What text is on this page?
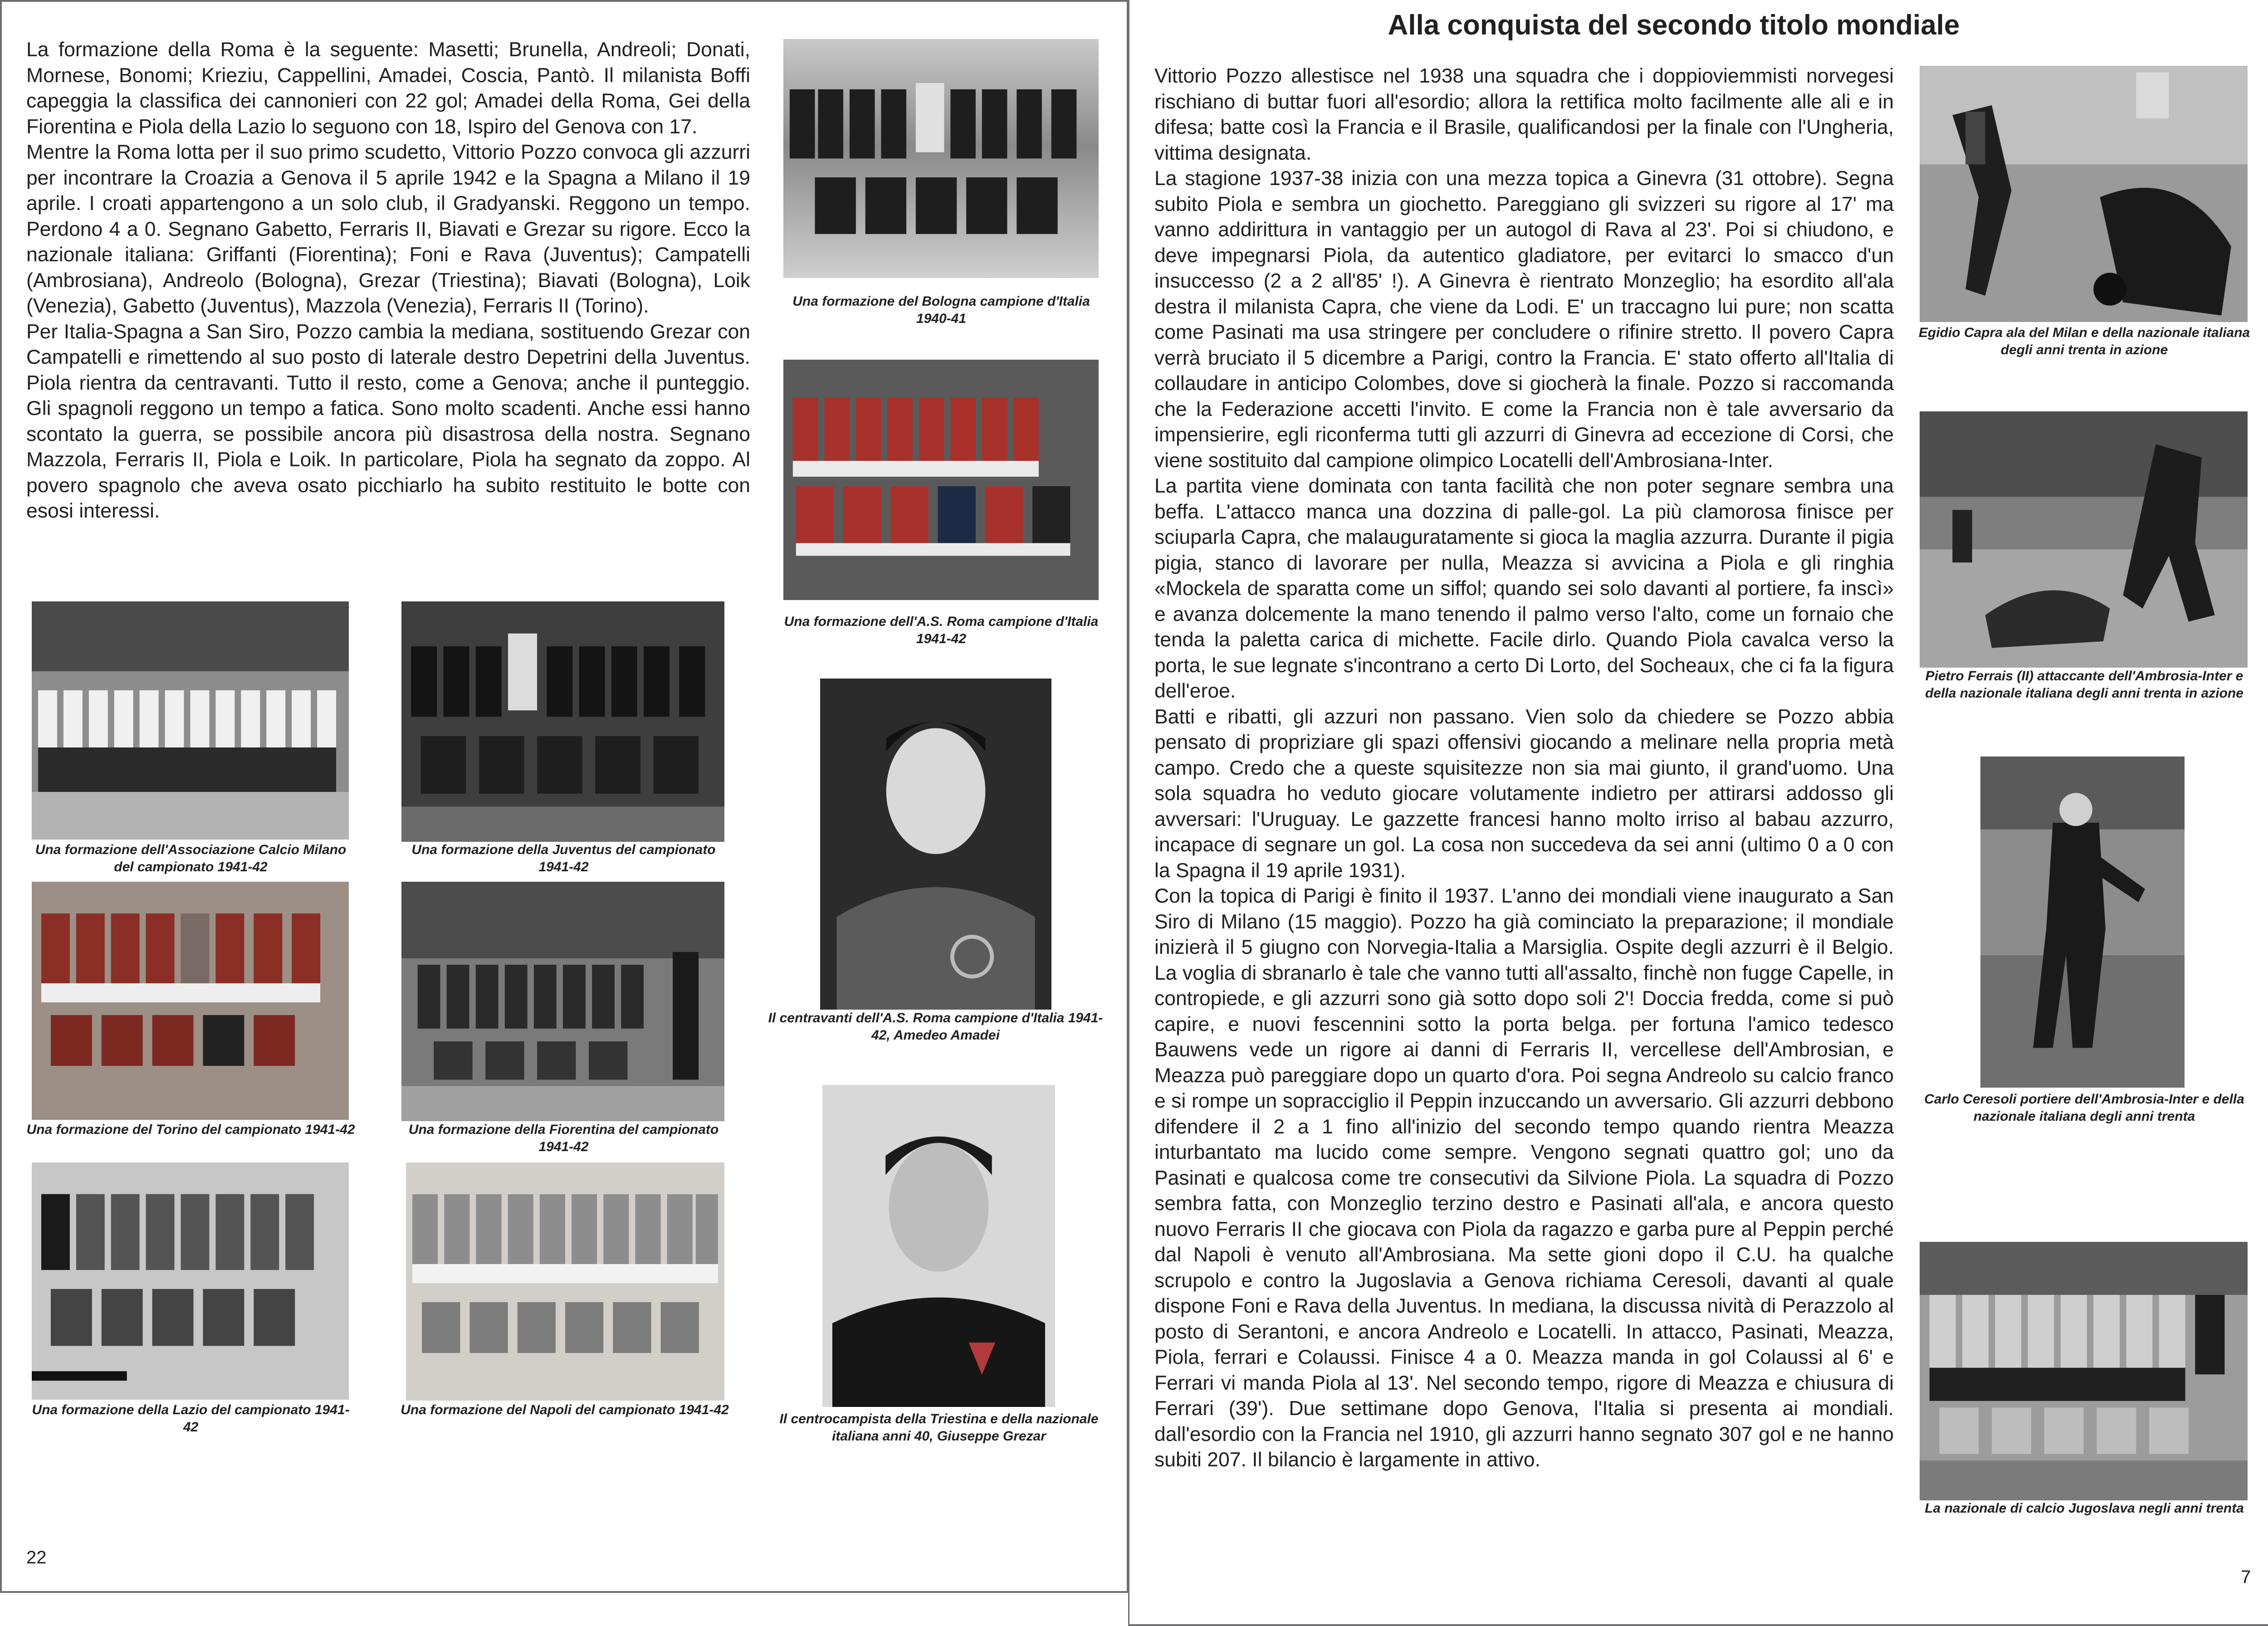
La formazione della Roma è la seguente: Masetti; Brunella, Andreoli; Donati, Mornese, Bonomi; Krieziu, Cappellini, Amadei, Coscia, Pantò. Il milanista Boffi capeggia la classifica dei cannonieri con 22 gol; Amadei della Roma, Gei della Fiorentina e Piola della Lazio lo seguono con 18, Ispiro del Genova con 17.

Mentre la Roma lotta per il suo primo scudetto, Vittorio Pozzo convoca gli azzurri per incontrare la Croazia a Genova il 5 aprile 1942 e la Spagna a Milano il 19 aprile. I croati appartengono a un solo club, il Gradyanski. Reggono un tempo. Perdono 4 a 0. Segnano Gabetto, Ferraris II, Biavati e Grezar su rigore. Ecco la nazionale italiana: Griffanti (Fiorentina); Foni e Rava (Juventus); Campatelli (Ambrosiana), Andreolo (Bologna), Grezar (Triestina); Biavati (Bologna), Loik (Venezia), Gabetto (Juventus), Mazzola (Venezia), Ferraris II (Torino).

Per Italia-Spagna a San Siro, Pozzo cambia la mediana, sostituendo Grezar con Campatelli e rimettendo al suo posto di laterale destro Depetrini della Juventus. Piola rientra da centravanti. Tutto il resto, come a Genova; anche il punteggio. Gli spagnoli reggono un tempo a fatica. Sono molto scadenti. Anche essi hanno scontato la guerra, se possibile ancora più disastrosa della nostra. Segnano Mazzola, Ferraris II, Piola e Loik. In particolare, Piola ha segnato da zoppo. Al povero spagnolo che aveva osato picchiarlo ha subito restituito le botte con esosi interessi.

Una formazione del Bologna campione d'Italia 1940-41

Una formazione dell'A.S. Roma campione d'Italia 1941-42

Il centravanti dell'A.S. Roma campione d'Italia 1941-42, Amedeo Amadei

Il centrocampista della Triestina e della nazionale italiana anni 40, Giuseppe Grezar

Una formazione dell'Associazione Calcio Milano del campionato 1941-42

Una formazione della Juventus del campionato 1941-42

Una formazione del Torino del campionato 1941-42	Una formazione della Fiorentina del campionato 1941-42

Una formazione della Lazio del campionato 1941-42

Una formazione del Napoli del campionato 1941-42

22
Alla conquista del secondo titolo mondiale

Vittorio Pozzo allestisce nel 1938 una squadra che i doppioviemmisti norvegesi rischiano di buttar fuori all'esordio; allora la rettifica molto facilmente alle ali e in difesa; batte così la Francia e il Brasile, qualificandosi per la finale con l'Ungheria, vittima designata.

La stagione 1937-38 inizia con una mezza topica a Ginevra (31 ottobre). Segna subito Piola e sembra un giochetto. Pareggiano gli svizzeri su rigore al 17' ma vanno addirittura in vantaggio per un autogol di Rava al 23'. Poi si chiudono, e deve impegnarsi Piola, da autentico gladiatore, per evitarci lo smacco d'un insuccesso (2 a 2 all'85' !). A Ginevra è rientrato Monzeglio; ha esordito all'ala destra il milanista Capra, che viene da Lodi. E' un traccagno lui pure; non scatta come Pasinati ma usa stringere per concludere o rifinire stretto. Il povero Capra verrà bruciato il 5 dicembre a Parigi, contro la Francia. E' stato offerto all'Italia di collaudare in anticipo Colombes, dove si giocherà la finale. Pozzo si raccomanda che la Federazione accetti l'invito. E come la Francia non è tale avversario da impensierire, egli riconferma tutti gli azzurri di Ginevra ad eccezione di Corsi, che viene sostituito dal campione olimpico Locatelli dell'Ambrosiana-Inter.

La partita viene dominata con tanta facilità che non poter segnare sembra una beffa. L'attacco manca una dozzina di palle-gol. La più clamorosa finisce per sciuparla Capra, che malauguratamente si gioca la maglia azzurra. Durante il pigia pigia, stanco di lavorare per nulla, Meazza si avvicina a Piola e gli ringhia «Mockela de sparatta come un siffol; quando sei solo davanti al portiere, fa inscì» e avanza dolcemente la mano tenendo il palmo verso l'alto, come un fornaio che tenda la paletta carica di michette. Facile dirlo. Quando Piola cavalca verso la porta, le sue legnate s'incontrano a certo Di Lorto, del Socheaux, che ci fa la figura dell'eroe.

Batti e ribatti, gli azzuri non passano. Vien solo da chiedere se Pozzo abbia pensato di propriziare gli spazi offensivi giocando a melinare nella propria metà campo. Credo che a queste squisitezze non sia mai giunto, il grand'uomo. Una sola squadra ho veduto giocare volutamente indietro per attirarsi addosso gli avversari: l'Uruguay. Le gazzette francesi hanno molto irriso al babau azzurro, incapace di segnare un gol. La cosa non succedeva da sei anni (ultimo 0 a 0 con la Spagna il 19 aprile 1931).

Con la topica di Parigi è finito il 1937. L'anno dei mondiali viene inaugurato a San Siro di Milano (15 maggio). Pozzo ha già cominciato la preparazione; il mondiale inizierà il 5 giugno con Norvegia-Italia a Marsiglia. Ospite degli azzurri è il Belgio. La voglia di sbranarlo è tale che vanno tutti all'assalto, finchè non fugge Capelle, in contropiede, e gli azzurri sono già sotto dopo soli 2'! Doccia fredda, come si può capire, e nuovi fescennini sotto la porta belga. per fortuna l'amico tedesco Bauwens vede un rigore ai danni di Ferraris II, vercellese dell'Ambrosian, e Meazza può pareggiare dopo un quarto d'ora. Poi segna Andreolo su calcio franco e si rompe un sopracciglio il Peppin inzuccando un avversario. Gli azzurri debbono difendere il 2 a 1 fino all'inizio del secondo tempo quando rientra Meazza inturbantato ma lucido come sempre. Vengono segnati quattro gol; uno da Pasinati e qualcosa come tre consecutivi da Silvione Piola. La squadra di Pozzo sembra fatta, con Monzeglio terzino destro e Pasinati all'ala, e ancora questo nuovo Ferraris II che giocava con Piola da ragazzo e garba pure al Peppin perché dal Napoli è venuto all'Ambrosiana. Ma sette gioni dopo il C.U. ha qualche scrupolo e contro la Jugoslavia a Genova richiama Ceresoli, davanti al quale dispone Foni e Rava della Juventus. In mediana, la discussa nività di Perazzolo al posto di Serantoni, e ancora Andreolo e Locatelli. In attacco, Pasinati, Meazza, Piola, ferrari e Colaussi. Finisce 4 a 0. Meazza manda in gol Colaussi al 6' e Ferrari vi manda Piola al 13'. Nel secondo tempo, rigore di Meazza e chiusura di Ferrari (39'). Due settimane dopo Genova, l'Italia si presenta ai mondiali. dall'esordio con la Francia nel 1910, gli azzurri hanno segnato 307 gol e ne hanno subiti 207. Il bilancio è largamente in attivo.

Egidio Capra ala del Milan e della nazionale italiana degli anni trenta in azione

Pietro Ferrais (II) attaccante dell'Ambrosia-Inter e della nazionale italiana degli anni trenta in azione

Carlo Ceresoli portiere dell'Ambrosia-Inter e della nazionale italiana degli anni trenta

La nazionale di calcio Jugoslava negli anni trenta

7
